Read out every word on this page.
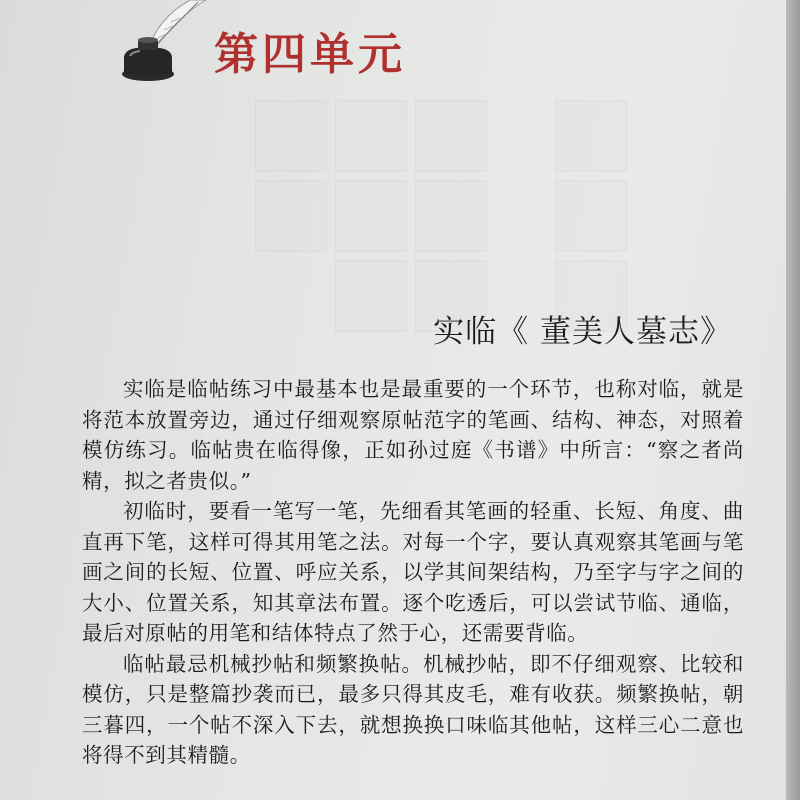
第四单元
实临《 董美人墓志》

实临是临帖练习中最基本也是最重要的一个环节，也称对临，就是将范本放置旁边，通过仔细观察原帖范字的笔画、结构、神态，对照着模仿练习。临帖贵在临得像，正如孙过庭《书谱》中所言：“察之者尚精，拟之者贵似。”

初临时，要看一笔写一笔，先细看其笔画的轻重、长短、角度、曲直再下笔，这样可得其用笔之法。对每一个字，要认真观察其笔画与笔画之间的长短、位置、呼应关系，以学其间架结构，乃至字与字之间的大小、位置关系，知其章法布置。逐个吃透后，可以尝试节临、通临，最后对原帖的用笔和结体特点了然于心，还需要背临。

临帖最忌机械抄帖和频繁换帖。机械抄帖，即不仔细观察、比较和模仿，只是整篇抄袭而已，最多只得其皮毛，难有收获。频繁换帖，朝三暮四，一个帖不深入下去，就想换换口味临其他帖，这样三心二意也将得不到其精髓。
